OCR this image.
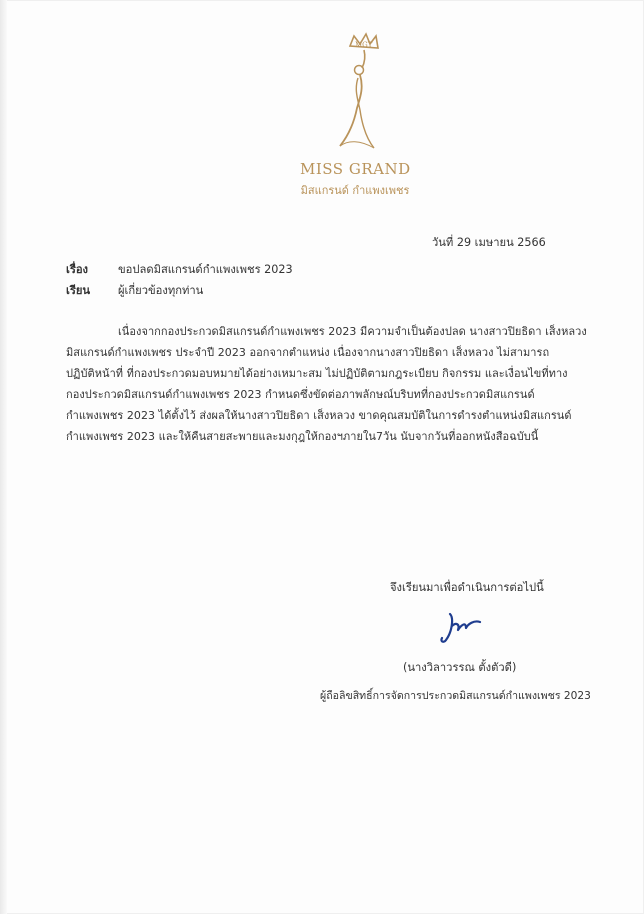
MGT
MISS GRAND
มิสแกรนด์ กำแพงเพชร
วันที่ 29 เมษายน 2566
เรื่อง	ขอปลดมิสแกรนด์กำแพงเพชร 2023
เรียน ผู้เกี่ยวข้องทุกท่าน
เนื่องจากกองประกวดมิสแกรนด์กำแพงเพชร 2023 มีความจำเป็นต้องปลด นางสาวปิยธิดา เส็งหลวง
มิสแกรนด์กำแพงเพชร ประจำปี 2023 ออกจากตำแหน่ง เนื่องจากนางสาวปิยธิดา เส็งหลวง ไม่สามารถ
ปฏิบัติหน้าที่ ที่กองประกวดมอบหมายได้อย่างเหมาะสม ไม่ปฏิบัติตามกฎระเบียบ กิจกรรม และเงื่อนไขที่ทาง
กองประกวดมิสแกรนด์กำแพงเพชร 2023 กำหนดซึ่งขัดต่อภาพลักษณ์บริบทที่กองประกวดมิสแกรนด์
กำแพงเพชร 2023 ได้ตั้งไว้ ส่งผลให้นางสาวปิยธิดา เส็งหลวง ขาดคุณสมบัติในการดำรงตำแหน่งมิสแกรนด์
กำแพงเพชร 2023 และให้คืนสายสะพายและมงกุฎให้กองฯภายใน7วัน นับจากวันที่ออกหนังสือฉบับนี้
จึงเรียนมาเพื่อดำเนินการต่อไปนี้
(นางวิลาวรรณ ตั้งตัวดี)
ผู้ถือลิขสิทธิ์การจัดการประกวดมิสแกรนด์กำแพงเพชร 2023
